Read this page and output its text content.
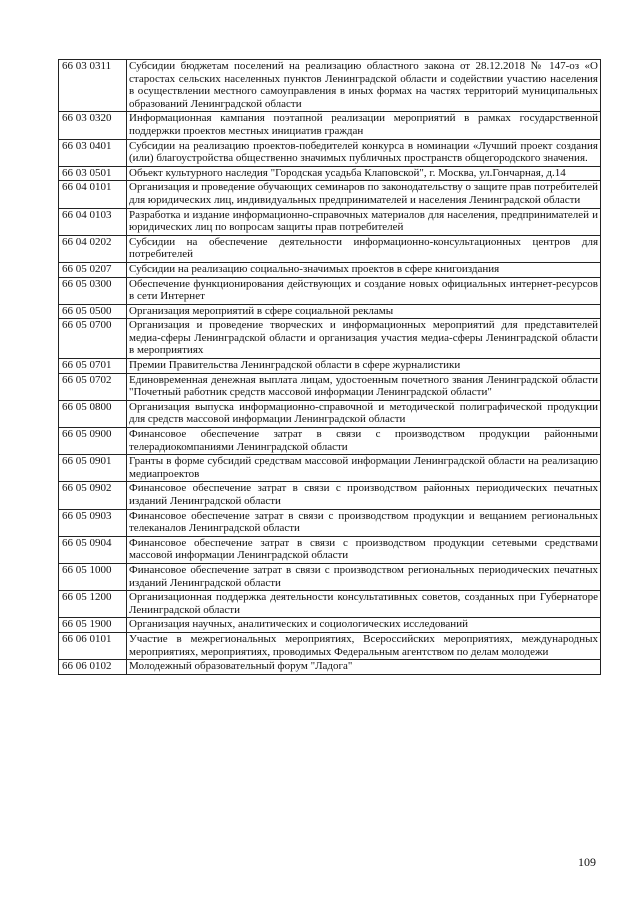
66 03 0311	Субсидии бюджетам поселений на реализацию областного закона от 28.12.2018 № 147-оз «О старостах сельских населенных пунктов Ленинградской области и содействии участию населения в осуществлении местного самоуправления в иных формах на частях территорий муниципальных образований Ленинградской области
66 03 0320	Информационная кампания поэтапной реализации мероприятий в рамках государственной поддержки проектов местных инициатив граждан
66 03 0401	Субсидии на реализацию проектов-победителей конкурса в номинации «Лучший проект создания (или) благоустройства общественно значимых публичных пространств общегородского значения.
66 03 0501	Объект культурного наследия "Городская усадьба Клаповской", г. Москва, ул.Гончарная, д.14
66 04 0101	Организация и проведение обучающих семинаров по законодательству о защите прав потребителей для юридических лиц, индивидуальных предпринимателей и населения Ленинградской области
66 04 0103	Разработка и издание информационно-справочных материалов для населения, предпринимателей и юридических лиц по вопросам защиты прав потребителей
66 04 0202	Субсидии на обеспечение деятельности информационно-консультационных центров для потребителей
66 05 0207	Субсидии на реализацию социально-значимых проектов в сфере книгоиздания
66 05 0300	Обеспечение функционирования действующих и создание новых официальных интернет-ресурсов в сети Интернет
66 05 0500	Организация мероприятий в сфере социальной рекламы
66 05 0700	Организация и проведение творческих и информационных мероприятий для представителей медиа-сферы Ленинградской области и организация участия медиа-сферы Ленинградской области в мероприятиях
66 05 0701	Премии Правительства Ленинградской области в сфере журналистики
66 05 0702	Единовременная денежная выплата лицам, удостоенным почетного звания Ленинградской области "Почетный работник средств массовой информации Ленинградской области"
66 05 0800	Организация выпуска информационно-справочной и методической полиграфической продукции для средств массовой информации Ленинградской области
66 05 0900	Финансовое обеспечение затрат в связи с производством продукции районными телерадиокомпаниями Ленинградской области
66 05 0901	Гранты в форме субсидий средствам массовой информации Ленинградской области на реализацию медиапроектов
66 05 0902	Финансовое обеспечение затрат в связи с производством районных периодических печатных изданий Ленинградской области
66 05 0903	Финансовое обеспечение затрат в связи с производством продукции и вещанием региональных телеканалов Ленинградской области
66 05 0904	Финансовое обеспечение затрат в связи с производством продукции сетевыми средствами массовой информации Ленинградской области
66 05 1000	Финансовое обеспечение затрат в связи с производством региональных периодических печатных изданий Ленинградской области
66 05 1200	Организационная поддержка деятельности консультативных советов, созданных при Губернаторе Ленинградской области
66 05 1900	Организация научных, аналитических и социологических исследований
66 06 0101	Участие в межрегиональных мероприятиях, Всероссийских мероприятиях, международных мероприятиях, мероприятиях, проводимых Федеральным агентством по делам молодежи
66 06 0102	Молодежный образовательный форум "Ладога"
109
